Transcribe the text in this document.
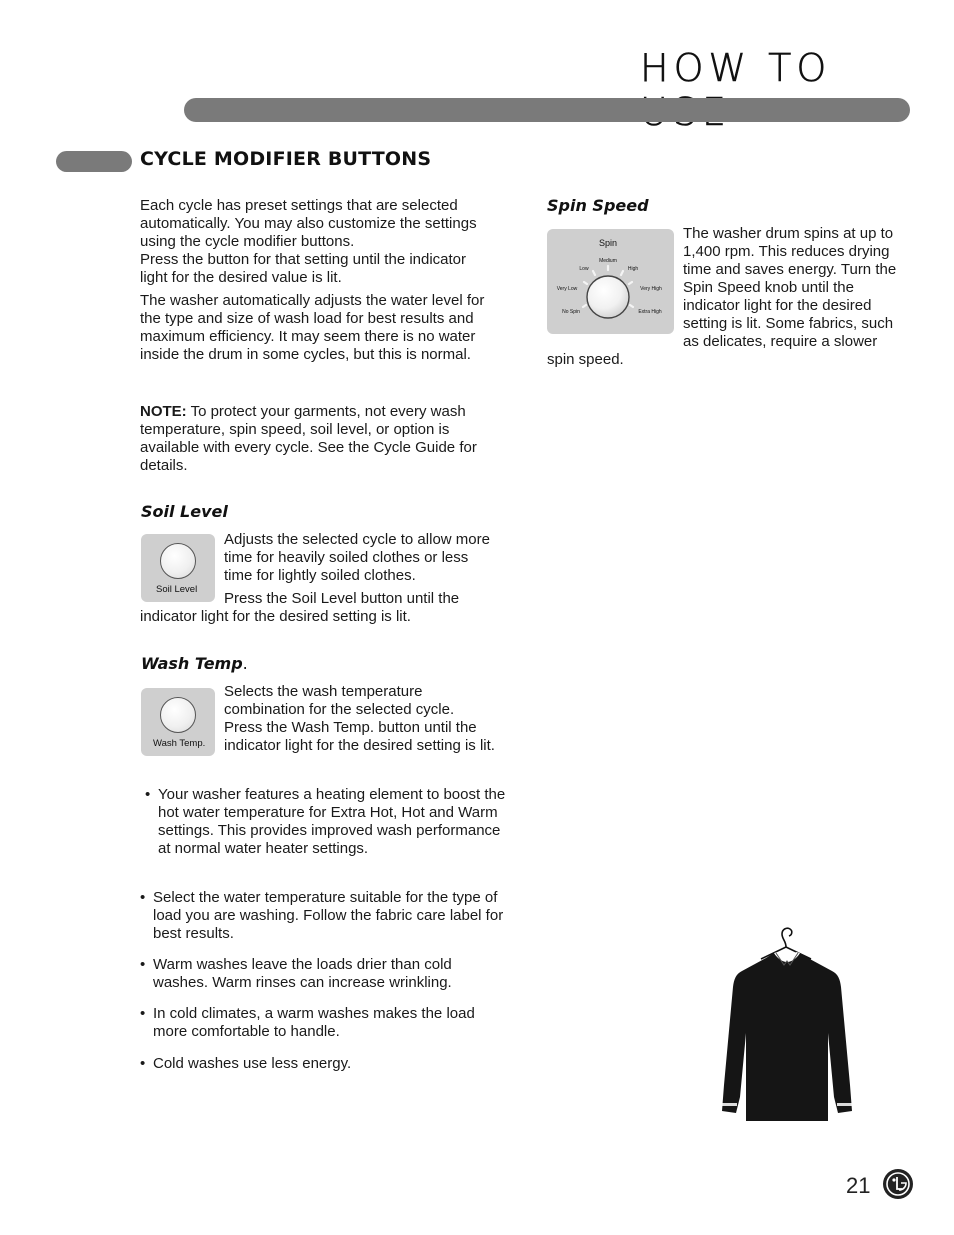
HOW TO
CYCLE MODIFIER BUTTONS

Each cycle has preset settings that are selected automatically. You may also customize the settings using the cycle modifier buttons.

Press the button for that setting until the indicator light for the desired value is lit.

The washer automatically adjusts the water level for the type and size of wash load for best results and maximum efficiency. It may seem there is no water inside the drum in some cycles, but this is normal.

NOTE: To protect your garments, not every wash temperature, spin speed, soil level, or option is available with every cycle. See the Cycle Guide for details.
Soil Level
Soil Level
Adjusts the selected cycle to allow more time for heavily soiled clothes or less time for lightly soiled clothes.
Press the Soil Level button until the indicator light for the desired setting is lit.
Wash Temp.
Wash Temp.
Selects the wash temperature combination for the selected cycle. Press the Wash Temp. button until the indicator light for the desired setting is lit.
• Your washer features a heating element to boost the hot water temperature for Extra Hot, Hot and Warm settings. This provides improved wash performance at normal water heater settings.
• Select the water temperature suitable for the type of load you are washing. Follow the fabric care label for best results.
• Warm washes leave the loads drier than cold washes. Warm rinses can increase wrinkling.
• In cold climates, a warm washes makes the load more comfortable to handle.
• Cold washes use less energy.
Spin Speed
Spin
Medium
Low	High
Very Low	Very High
No Spin	Extra High
The washer drum spins at up to 1,400 rpm. This reduces drying time and saves energy. Turn the Spin Speed knob until the indicator light for the desired setting is lit. Some fabrics, such as delicates, require a slower spin speed.
21
LG
